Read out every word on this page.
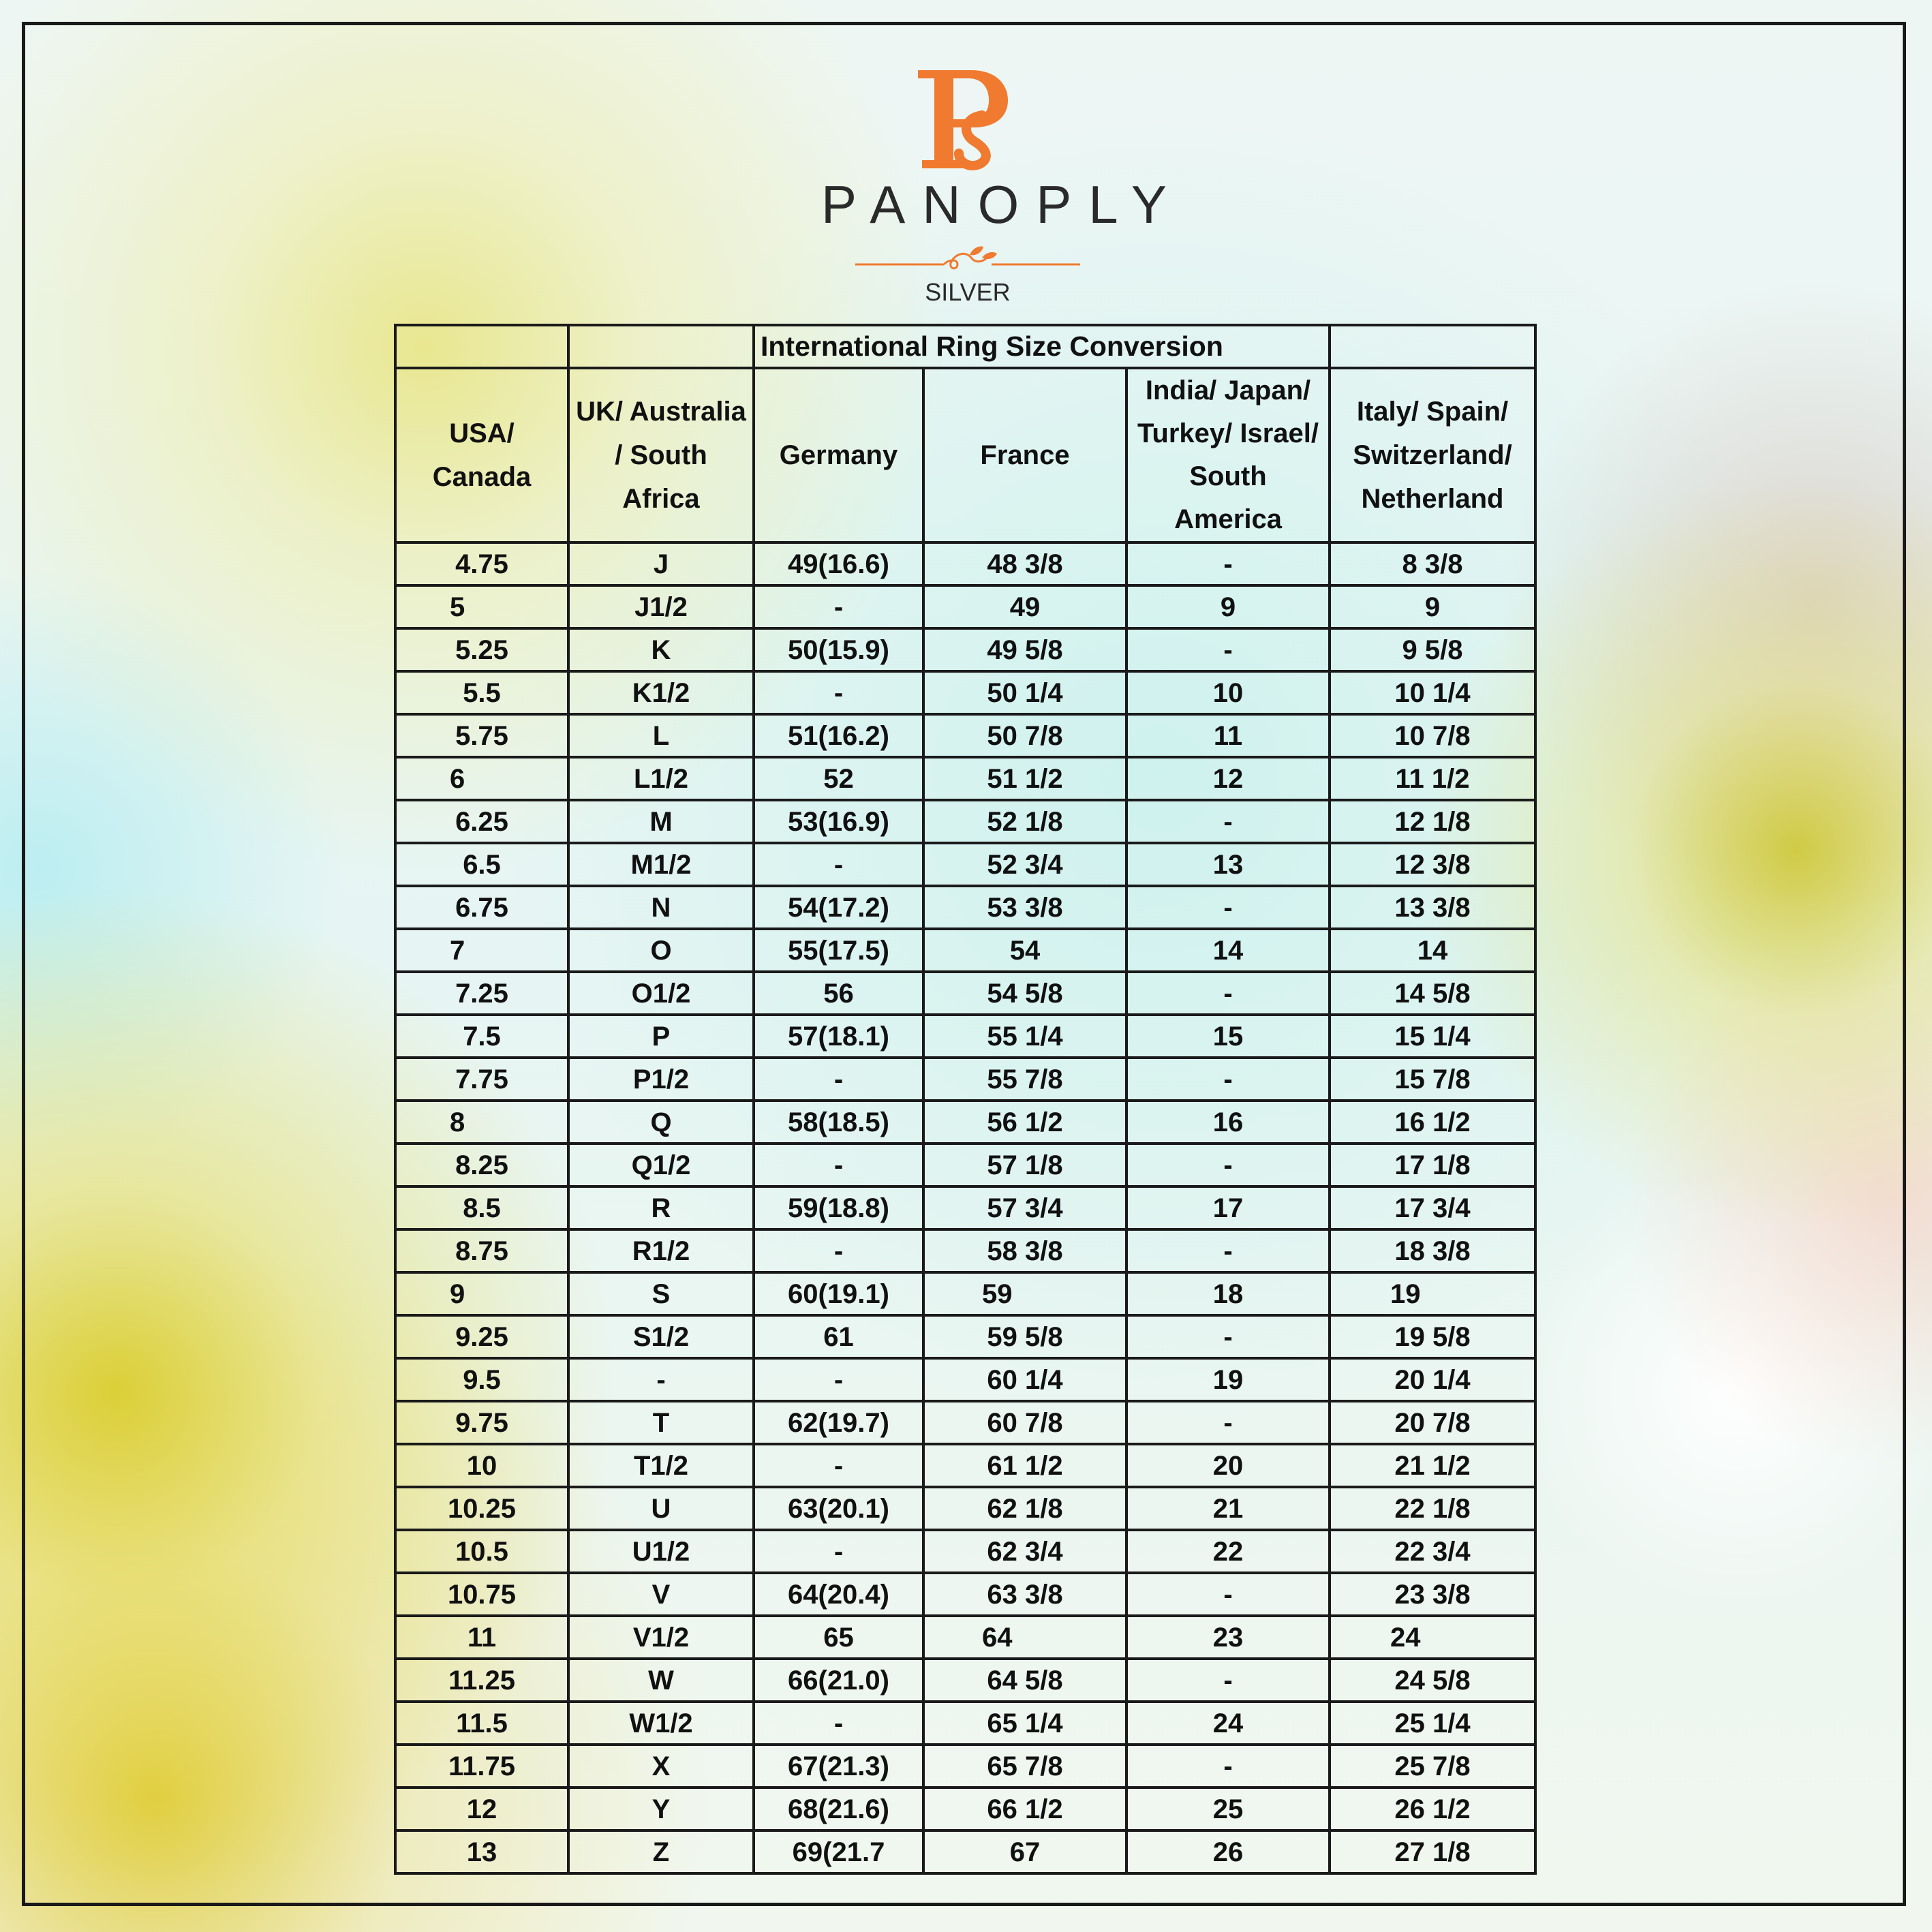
PANOPLY
SILVER
		International Ring Size Conversion			
USA/ Canada	UK/ Australia / South Africa	Germany	France	India/ Japan/ Turkey/ Israel/ South America	Italy/ Spain/ Switzerland/ Netherland
4.75	J	49(16.6)	48 3/8	-	8 3/8
5	J1/2	-	49	9	9
5.25	K	50(15.9)	49 5/8	-	9 5/8
5.5	K1/2	-	50 1/4	10	10 1/4
5.75	L	51(16.2)	50 7/8	11	10 7/8
6	L1/2	52	51 1/2	12	11 1/2
6.25	M	53(16.9)	52 1/8	-	12 1/8
6.5	M1/2	-	52 3/4	13	12 3/8
6.75	N	54(17.2)	53 3/8	-	13 3/8
7	O	55(17.5)	54	14	14
7.25	O1/2	56	54 5/8	-	14 5/8
7.5	P	57(18.1)	55 1/4	15	15 1/4
7.75	P1/2	-	55 7/8	-	15 7/8
8	Q	58(18.5)	56 1/2	16	16 1/2
8.25	Q1/2	-	57 1/8	-	17 1/8
8.5	R	59(18.8)	57 3/4	17	17 3/4
8.75	R1/2	-	58 3/8	-	18 3/8
9	S	60(19.1)	59	18	19
9.25	S1/2	61	59 5/8	-	19 5/8
9.5	-	-	60 1/4	19	20 1/4
9.75	T	62(19.7)	60 7/8	-	20 7/8
10	T1/2	-	61 1/2	20	21 1/2
10.25	U	63(20.1)	62 1/8	21	22 1/8
10.5	U1/2	-	62 3/4	22	22 3/4
10.75	V	64(20.4)	63 3/8	-	23 3/8
11	V1/2	65	64	23	24
11.25	W	66(21.0)	64 5/8	-	24 5/8
11.5	W1/2	-	65 1/4	24	25 1/4
11.75	X	67(21.3)	65 7/8	-	25 7/8
12	Y	68(21.6)	66 1/2	25	26 1/2
13	Z	69(21.7	67	26	27 1/8
